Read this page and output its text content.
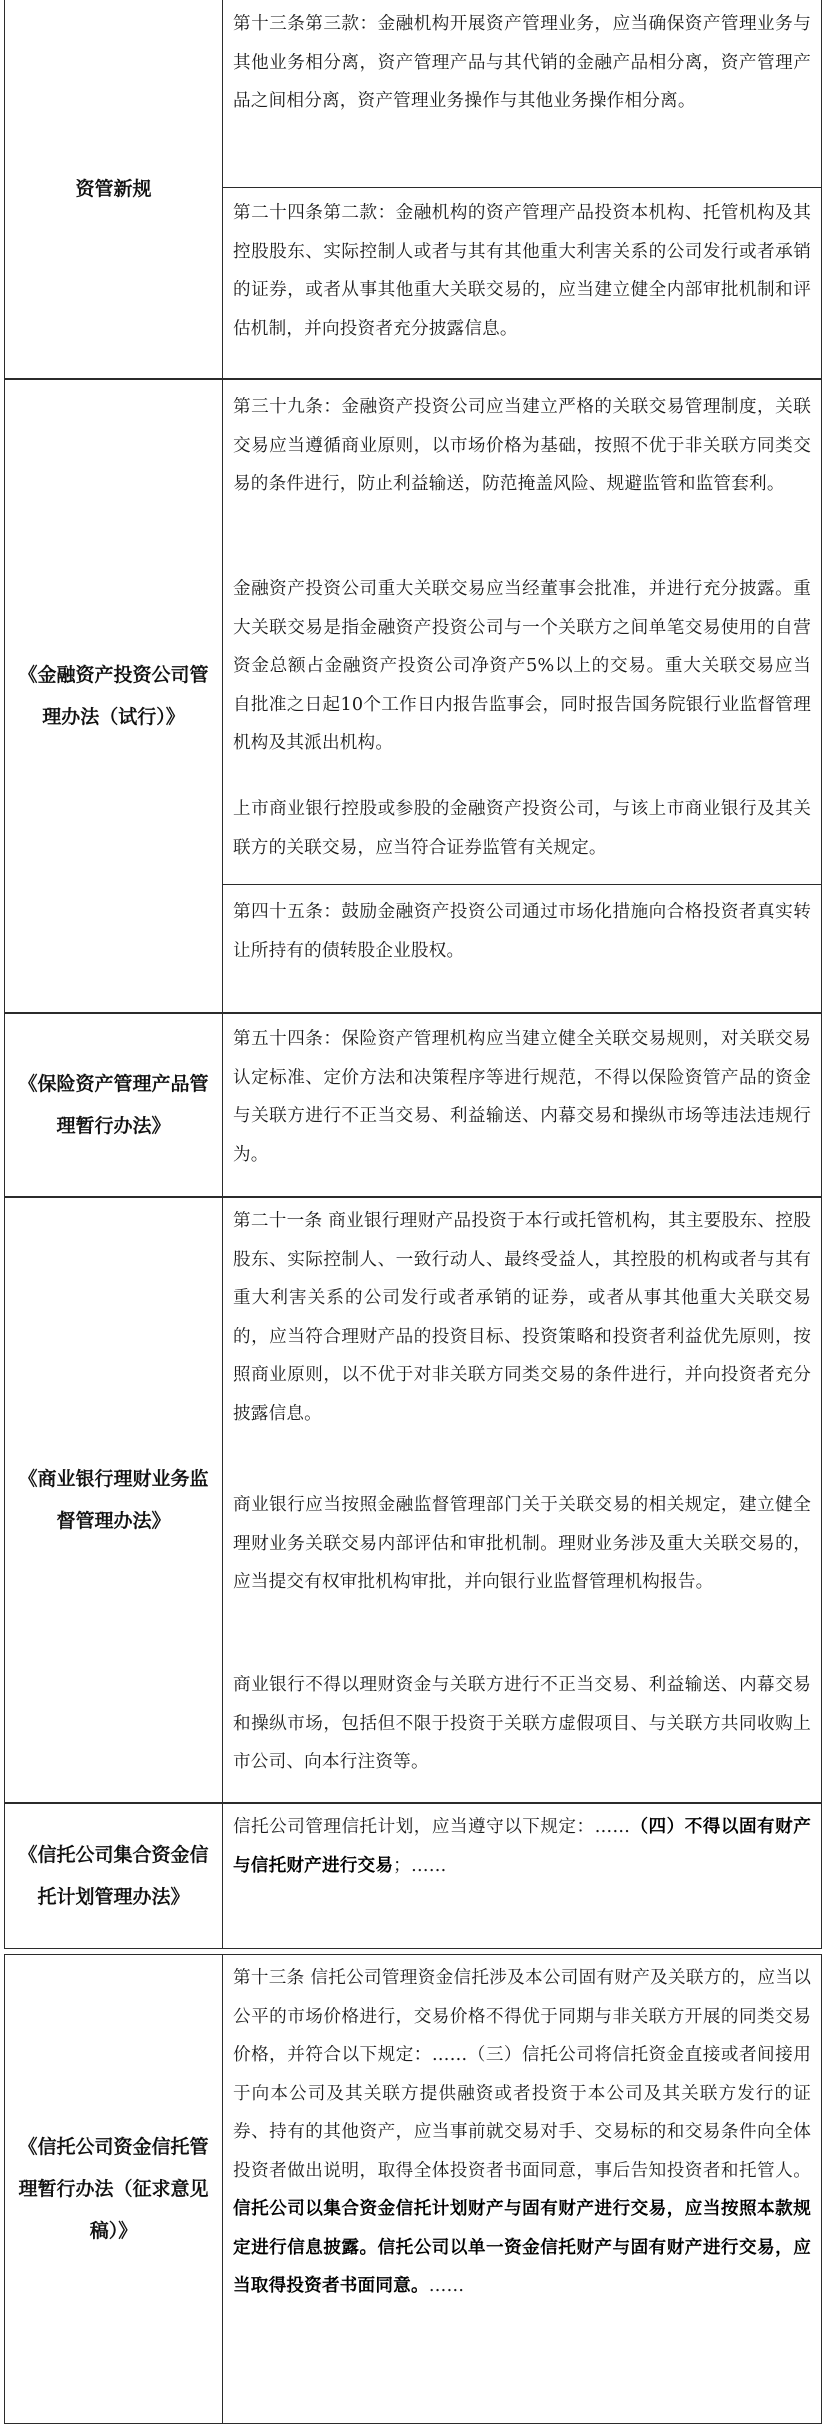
资管新规

第十三条第三款：金融机构开展资产管理业务，应当确保资产管理业务与其他业务相分离，资产管理产品与其代销的金融产品相分离，资产管理产品之间相分离，资产管理业务操作与其他业务操作相分离。

第二十四条第二款：金融机构的资产管理产品投资本机构、托管机构及其控股股东、实际控制人或者与其有其他重大利害关系的公司发行或者承销的证券，或者从事其他重大关联交易的，应当建立健全内部审批机制和评估机制，并向投资者充分披露信息。

《金融资产投资公司管理办法（试行）》

第三十九条：金融资产投资公司应当建立严格的关联交易管理制度，关联交易应当遵循商业原则，以市场价格为基础，按照不优于非关联方同类交易的条件进行，防止利益输送，防范掩盖风险、规避监管和监管套利。

金融资产投资公司重大关联交易应当经董事会批准，并进行充分披露。重大关联交易是指金融资产投资公司与一个关联方之间单笔交易使用的自营资金总额占金融资产投资公司净资产5%以上的交易。重大关联交易应当自批准之日起10个工作日内报告监事会，同时报告国务院银行业监督管理机构及其派出机构。

上市商业银行控股或参股的金融资产投资公司，与该上市商业银行及其关联方的关联交易，应当符合证券监管有关规定。

第四十五条：鼓励金融资产投资公司通过市场化措施向合格投资者真实转让所持有的债转股企业股权。

《保险资产管理产品管理暂行办法》

第五十四条：保险资产管理机构应当建立健全关联交易规则，对关联交易认定标准、定价方法和决策程序等进行规范，不得以保险资管产品的资金与关联方进行不正当交易、利益输送、内幕交易和操纵市场等违法违规行为。

《商业银行理财业务监督管理办法》

第二十一条 商业银行理财产品投资于本行或托管机构，其主要股东、控股股东、实际控制人、一致行动人、最终受益人，其控股的机构或者与其有重大利害关系的公司发行或者承销的证券，或者从事其他重大关联交易的，应当符合理财产品的投资目标、投资策略和投资者利益优先原则，按照商业原则，以不优于对非关联方同类交易的条件进行，并向投资者充分披露信息。

商业银行应当按照金融监督管理部门关于关联交易的相关规定，建立健全理财业务关联交易内部评估和审批机制。理财业务涉及重大关联交易的，应当提交有权审批机构审批，并向银行业监督管理机构报告。

商业银行不得以理财资金与关联方进行不正当交易、利益输送、内幕交易和操纵市场，包括但不限于投资于关联方虚假项目、与关联方共同收购上市公司、向本行注资等。

《信托公司集合资金信托计划管理办法》

信托公司管理信托计划，应当遵守以下规定：……（四）不得以固有财产与信托财产进行交易；……

《信托公司资金信托管理暂行办法（征求意见稿）》

第十三条 信托公司管理资金信托涉及本公司固有财产及关联方的，应当以公平的市场价格进行，交易价格不得优于同期与非关联方开展的同类交易价格，并符合以下规定：……（三）信托公司将信托资金直接或者间接用于向本公司及其关联方提供融资或者投资于本公司及其关联方发行的证券、持有的其他资产，应当事前就交易对手、交易标的和交易条件向全体投资者做出说明，取得全体投资者书面同意，事后告知投资者和托管人。信托公司以集合资金信托计划财产与固有财产进行交易，应当按照本款规定进行信息披露。信托公司以单一资金信托财产与固有财产进行交易，应当取得投资者书面同意。……
